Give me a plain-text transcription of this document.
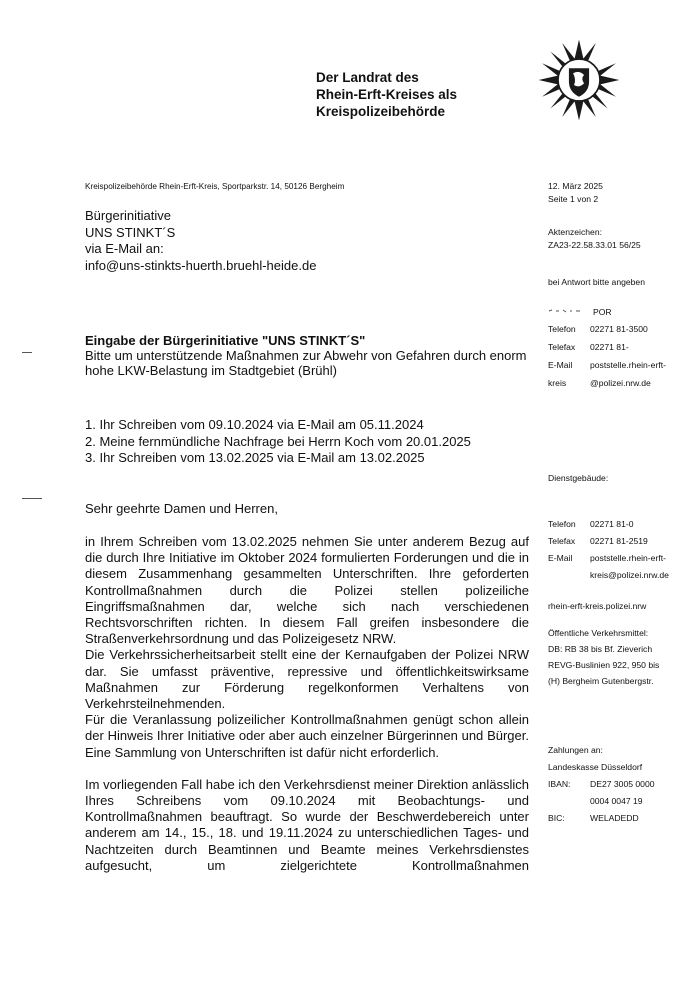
Der Landrat des
Rhein-Erft-Kreises als
Kreispolizeibehörde
Kreispolizeibehörde Rhein-Erft-Kreis, Sportparkstr. 14, 50126 Bergheim
Bürgerinitiative
UNS STINKT´S
via E-Mail an:
info@uns-stinkts-huerth.bruehl-heide.de
12. März 2025
Seite 1 von 2
Aktenzeichen:
ZA23-22.58.33.01 56/25
bei Antwort bitte angeben
POR
Telefon	02271 81-3500
Telefax	02271 81-
E-Mail	poststelle.rhein-erft-
kreis	@polizei.nrw.de
Dienstgebäude:
Telefon	02271 81-0
Telefax	02271 81-2519
E-Mail	poststelle.rhein-erft-
kreis@polizei.nrw.de
rhein-erft-kreis.polizei.nrw
Öffentliche Verkehrsmittel:
DB: RB 38 bis Bf. Zieverich
REVG-Buslinien 922, 950 bis
(H) Bergheim Gutenbergstr.
Zahlungen an:
Landeskasse Düsseldorf
IBAN:	DE27 3005 0000
0004 0047 19
BIC:	WELADEDD
Eingabe der Bürgerinitiative "UNS STINKT´S"
Bitte um unterstützende Maßnahmen zur Abwehr von Gefahren durch enorm hohe LKW-Belastung im Stadtgebiet (Brühl)
1. Ihr Schreiben vom 09.10.2024 via E-Mail am 05.11.2024
2. Meine fernmündliche Nachfrage bei Herrn Koch vom 20.01.2025
3. Ihr Schreiben vom 13.02.2025 via E-Mail am 13.02.2025
Sehr geehrte Damen und Herren,

in Ihrem Schreiben vom 13.02.2025 nehmen Sie unter anderem Bezug auf die durch Ihre Initiative im Oktober 2024 formulierten Forderungen und die in diesem Zusammenhang gesammelten Unterschriften. Ihre geforderten Kontrollmaßnahmen durch die Polizei stellen polizeiliche Eingriffsmaßnahmen dar, welche sich nach verschiedenen Rechtsvorschriften richten. In diesem Fall greifen insbesondere die Straßenverkehrsordnung und das Polizeigesetz NRW.

Die Verkehrssicherheitsarbeit stellt eine der Kernaufgaben der Polizei NRW dar. Sie umfasst präventive, repressive und öffentlichkeitswirksame Maßnahmen zur Förderung regelkonformen Verhaltens von Verkehrsteilnehmenden.

Für die Veranlassung polizeilicher Kontrollmaßnahmen genügt schon allein der Hinweis Ihrer Initiative oder aber auch einzelner Bürgerinnen und Bürger. Eine Sammlung von Unterschriften ist dafür nicht erforderlich.

Im vorliegenden Fall habe ich den Verkehrsdienst meiner Direktion anlässlich Ihres Schreibens vom 09.10.2024 mit Beobachtungs- und Kontrollmaßnahmen beauftragt. So wurde der Beschwerdebereich unter anderem am 14., 15., 18. und 19.11.2024 zu unterschiedlichen Tages- und Nachtzeiten durch Beamtinnen und Beamte meines Verkehrsdienstes aufgesucht, um zielgerichtete Kontrollmaßnahmen
